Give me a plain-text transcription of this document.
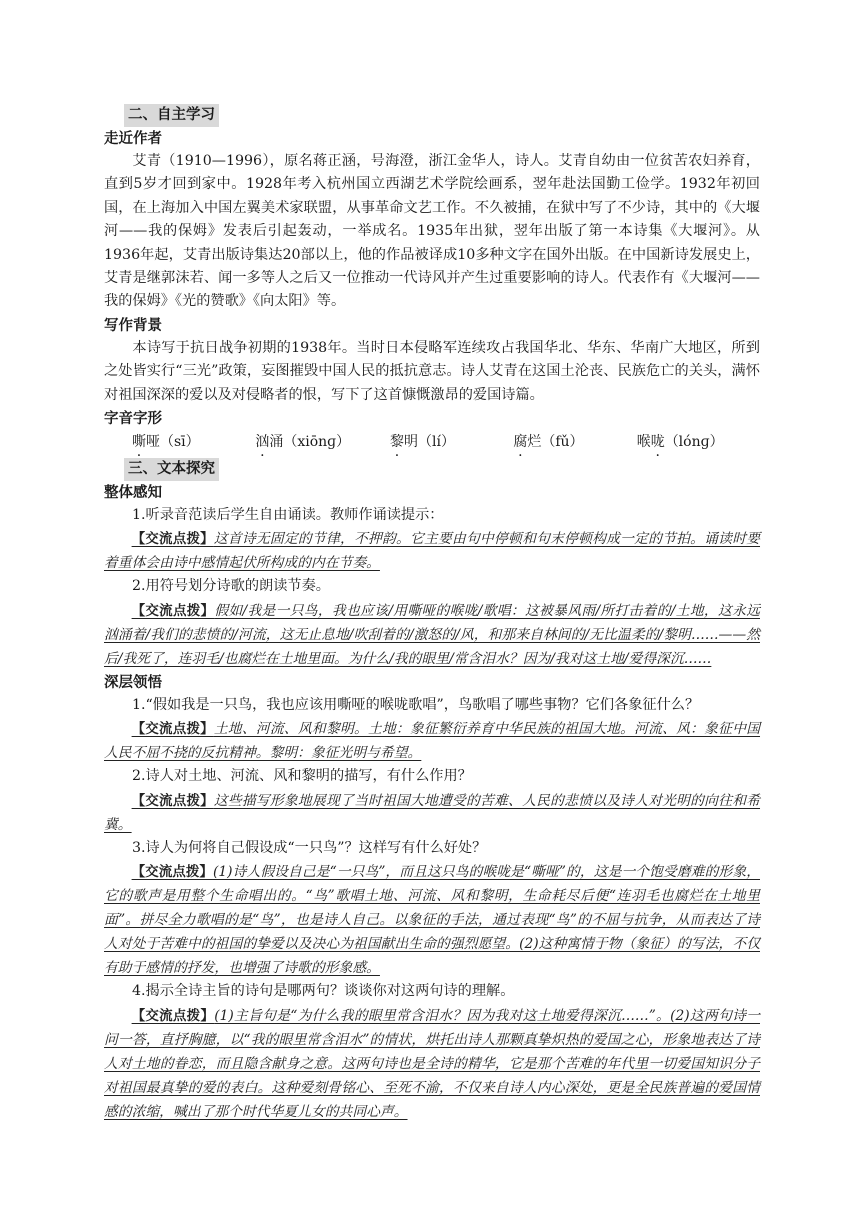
二、自主学习
走近作者

艾青（1910—1996），原名蒋正涵，号海澄，浙江金华人，诗人。艾青自幼由一位贫苦农妇养育，直到5岁才回到家中。1928年考入杭州国立西湖艺术学院绘画系，翌年赴法国勤工俭学。1932年初回国，在上海加入中国左翼美术家联盟，从事革命文艺工作。不久被捕，在狱中写了不少诗，其中的《大堰河——我的保姆》发表后引起轰动，一举成名。1935年出狱，翌年出版了第一本诗集《大堰河》。从1936年起，艾青出版诗集达20部以上，他的作品被译成10多种文字在国外出版。在中国新诗发展史上，艾青是继郭沫若、闻一多等人之后又一位推动一代诗风并产生过重要影响的诗人。代表作有《大堰河——我的保姆》《光的赞歌》《向太阳》等。

写作背景

本诗写于抗日战争初期的1938年。当时日本侵略军连续攻占我国华北、华东、华南广大地区，所到之处皆实行“三光”政策，妄图摧毁中国人民的抵抗意志。诗人艾青在这国土沦丧、民族危亡的关头，满怀对祖国深深的爱以及对侵略者的恨，写下了这首慷慨激昂的爱国诗篇。

字音字形
嘶哑（sī）	汹涌（xiōnɡ）	黎明（lí）	腐烂（fǔ）	喉咙（lónɡ）
三、文本探究
整体感知

1.听录音范读后学生自由诵读。教师作诵读提示：

【交流点拨】这首诗无固定的节律，不押韵。它主要由句中停顿和句末停顿构成一定的节拍。诵读时要着重体会由诗中感情起伏所构成的内在节奏。

2.用符号划分诗歌的朗读节奏。

【交流点拨】假如/我是一只鸟，我也应该/用嘶哑的喉咙/歌唱：这被暴风雨/所打击着的/土地，这永远汹涌着/我们的悲愤的/河流，这无止息地/吹刮着的/激怒的/风，和那来自林间的/无比温柔的/黎明……——然后/我死了，连羽毛/也腐烂在土地里面。为什么/我的眼里/常含泪水？因为/我对这土地/爱得深沉……

深层领悟

1.“假如我是一只鸟，我也应该用嘶哑的喉咙歌唱”，鸟歌唱了哪些事物？它们各象征什么？

【交流点拨】土地、河流、风和黎明。土地：象征繁衍养育中华民族的祖国大地。河流、风：象征中国人民不屈不挠的反抗精神。黎明：象征光明与希望。

2.诗人对土地、河流、风和黎明的描写，有什么作用？

【交流点拨】这些描写形象地展现了当时祖国大地遭受的苦难、人民的悲愤以及诗人对光明的向往和希冀。

3.诗人为何将自己假设成“一只鸟”？这样写有什么好处？

【交流点拨】(1)诗人假设自己是“一只鸟”，而且这只鸟的喉咙是“嘶哑”的，这是一个饱受磨难的形象，它的歌声是用整个生命唱出的。“鸟”歌唱土地、河流、风和黎明，生命耗尽后便“连羽毛也腐烂在土地里面”。拼尽全力歌唱的是“鸟”，也是诗人自己。以象征的手法，通过表现“鸟”的不屈与抗争，从而表达了诗人对处于苦难中的祖国的挚爱以及决心为祖国献出生命的强烈愿望。(2)这种寓情于物（象征）的写法，不仅有助于感情的抒发，也增强了诗歌的形象感。

4.揭示全诗主旨的诗句是哪两句？谈谈你对这两句诗的理解。

【交流点拨】(1)主旨句是“为什么我的眼里常含泪水？因为我对这土地爱得深沉……”。(2)这两句诗一问一答，直抒胸臆，以“我的眼里常含泪水”的情状，烘托出诗人那颗真挚炽热的爱国之心，形象地表达了诗人对土地的眷恋，而且隐含献身之意。这两句诗也是全诗的精华，它是那个苦难的年代里一切爱国知识分子对祖国最真挚的爱的表白。这种爱刻骨铭心、至死不渝，不仅来自诗人内心深处，更是全民族普遍的爱国情感的浓缩，喊出了那个时代华夏儿女的共同心声。
